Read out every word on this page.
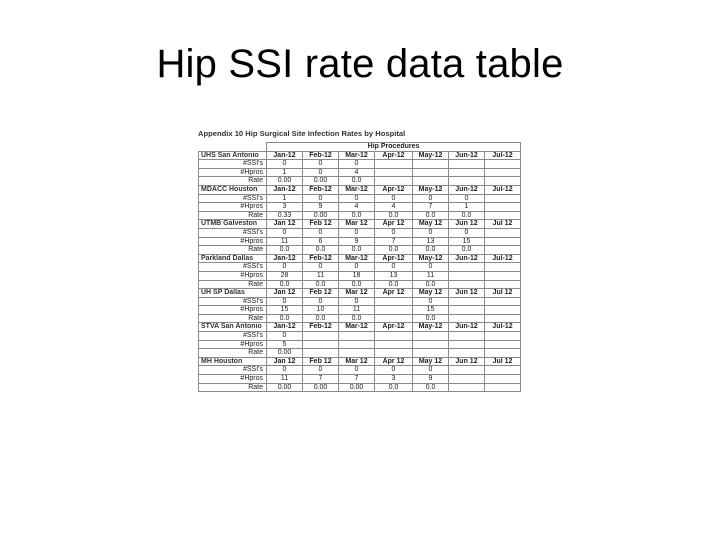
Hip SSI rate data table
Appendix 10 Hip Surgical Site Infection Rates by Hospital
	Hip Procedures						
UHS San Antonio	Jan-12	Feb-12	Mar-12	Apr-12	May-12	Jun-12	Jul-12
#SSI's	0	0	0				
#Hpros	1	0	4				
Rate	0.00	0.00	0.0				
MDACC Houston	Jan-12	Feb-12	Mar-12	Apr-12	May-12	Jun-12	Jul-12
#SSI's	1	0	0	0	0	0	
#Hpros	3	9	4	4	7	1	
Rate	0.33	0.00	0.0	0.0	0.0	0.0	
UTMB Galveston	Jan 12	Feb 12	Mar 12	Apr 12	May 12	Jun 12	Jul 12
#SSI's	0	0	0	0	0	0	
#Hpros	11	6	9	7	13	15	
Rate	0.0	0.0	0.0	0.0	0.0	0.0	
Parkland Dallas	Jan-12	Feb-12	Mar-12	Apr-12	May-12	Jun-12	Jul-12
#SSI's	0	0	0	0	0		
#Hpros	28	11	18	13	11		
Rate	0.0	0.0	0.0	0.0	0.0		
UH SP Dallas	Jan 12	Feb 12	Mar 12	Apr 12	May 12	Jun 12	Jul 12
#SSI's	0	0	0		0		
#Hpros	15	10	11		15		
Rate	0.0	0.0	0.0		0.0		
STVA San Antonio	Jan-12	Feb-12	Mar-12	Apr-12	May-12	Jun-12	Jul-12
#SSI's	0						
#Hpros	5						
Rate	0.00						
MH Houston	Jan 12	Feb 12	Mar 12	Apr 12	May 12	Jun 12	Jul 12
#SSI's	0	0	0	0	0		
#Hpros	11	7	7	3	9		
Rate	0.00	0.00	0.00	0.0	0.0		
